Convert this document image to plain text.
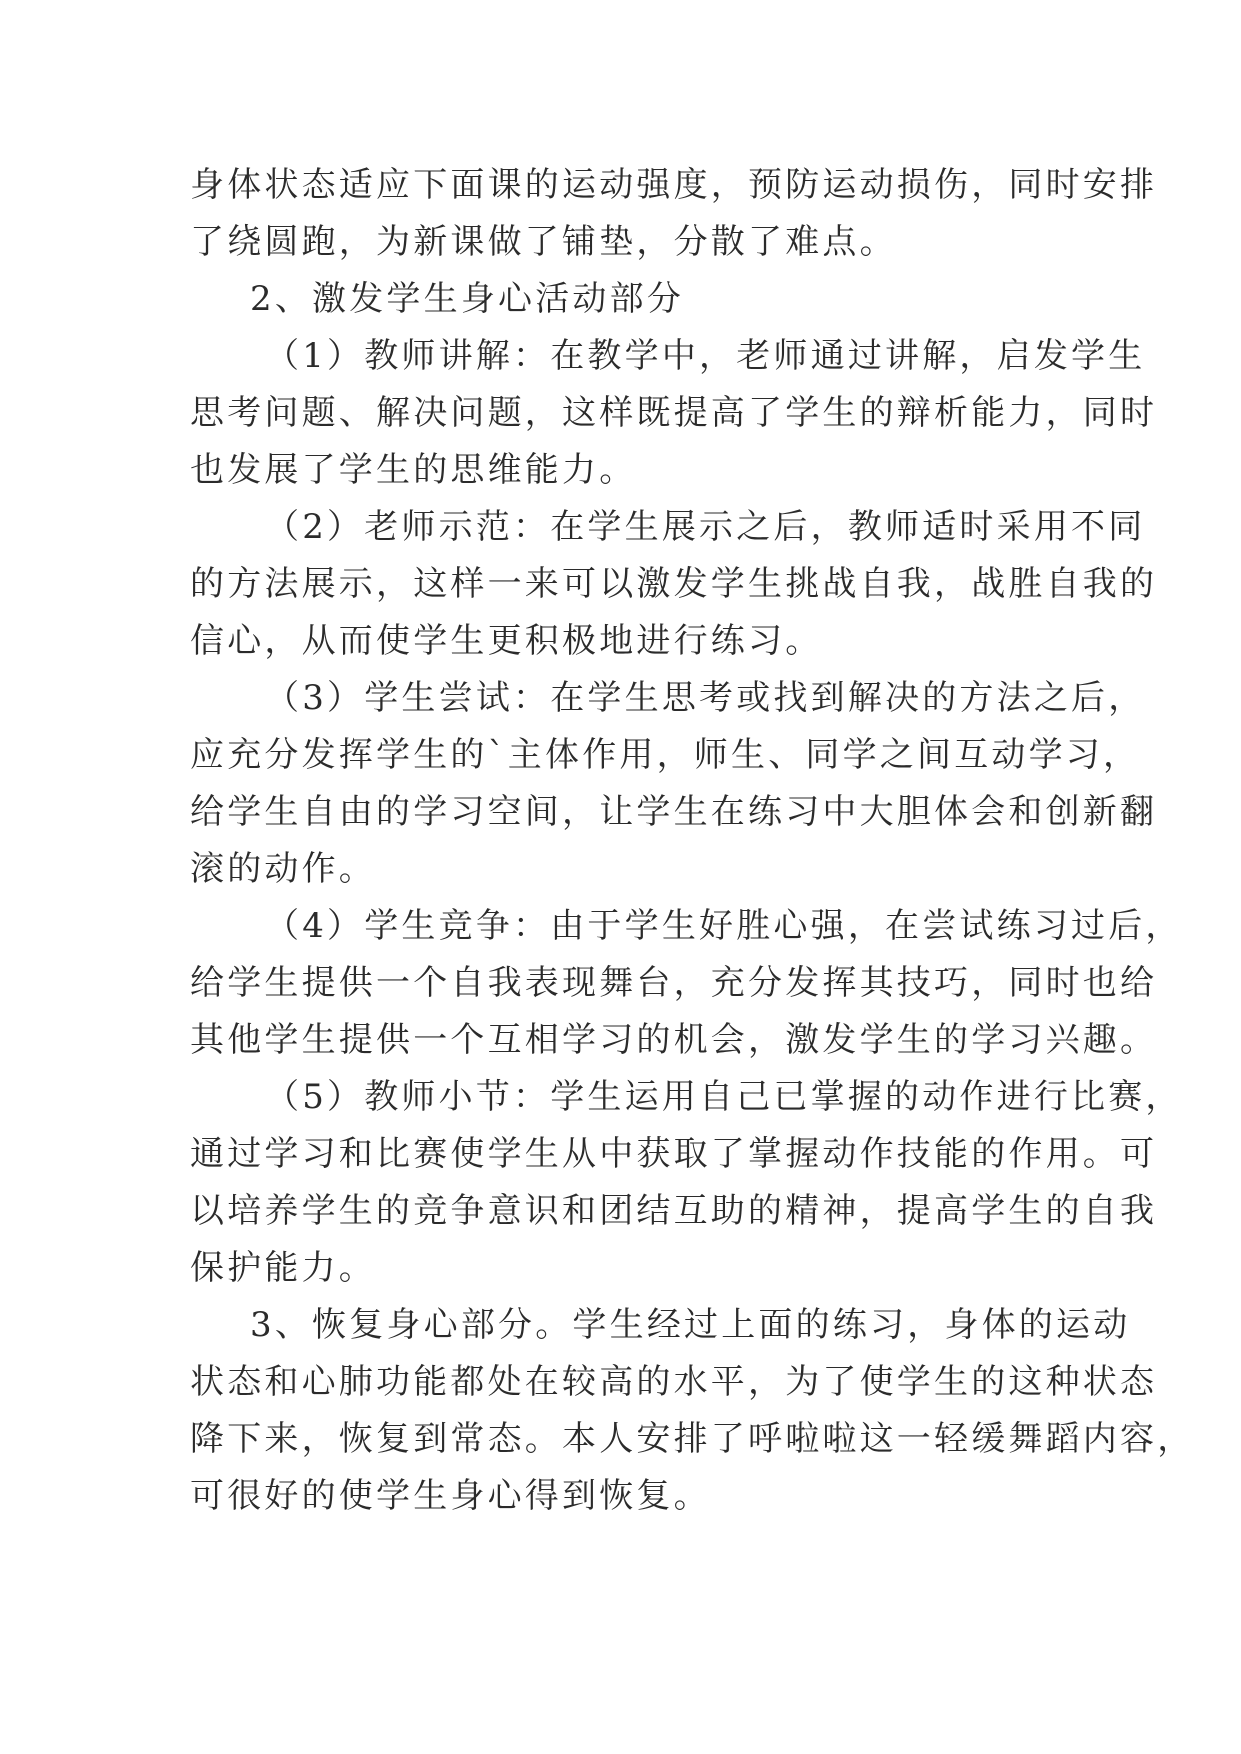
身体状态适应下面课的运动强度，预防运动损伤，同时安排
了绕圆跑，为新课做了铺垫，分散了难点。
2、激发学生身心活动部分
（1）教师讲解：在教学中，老师通过讲解，启发学生
思考问题、解决问题，这样既提高了学生的辩析能力，同时
也发展了学生的思维能力。
（2）老师示范：在学生展示之后，教师适时采用不同
的方法展示，这样一来可以激发学生挑战自我，战胜自我的
信心，从而使学生更积极地进行练习。
（3）学生尝试：在学生思考或找到解决的方法之后，
应充分发挥学生的`主体作用，师生、同学之间互动学习，
给学生自由的学习空间，让学生在练习中大胆体会和创新翻
滚的动作。
（4）学生竞争：由于学生好胜心强，在尝试练习过后，
给学生提供一个自我表现舞台，充分发挥其技巧，同时也给
其他学生提供一个互相学习的机会，激发学生的学习兴趣。
（5）教师小节：学生运用自己已掌握的动作进行比赛，
通过学习和比赛使学生从中获取了掌握动作技能的作用。可
以培养学生的竞争意识和团结互助的精神，提高学生的自我
保护能力。
3、恢复身心部分。学生经过上面的练习，身体的运动
状态和心肺功能都处在较高的水平，为了使学生的这种状态
降下来，恢复到常态。本人安排了呼啦啦这一轻缓舞蹈内容，
可很好的使学生身心得到恢复。
